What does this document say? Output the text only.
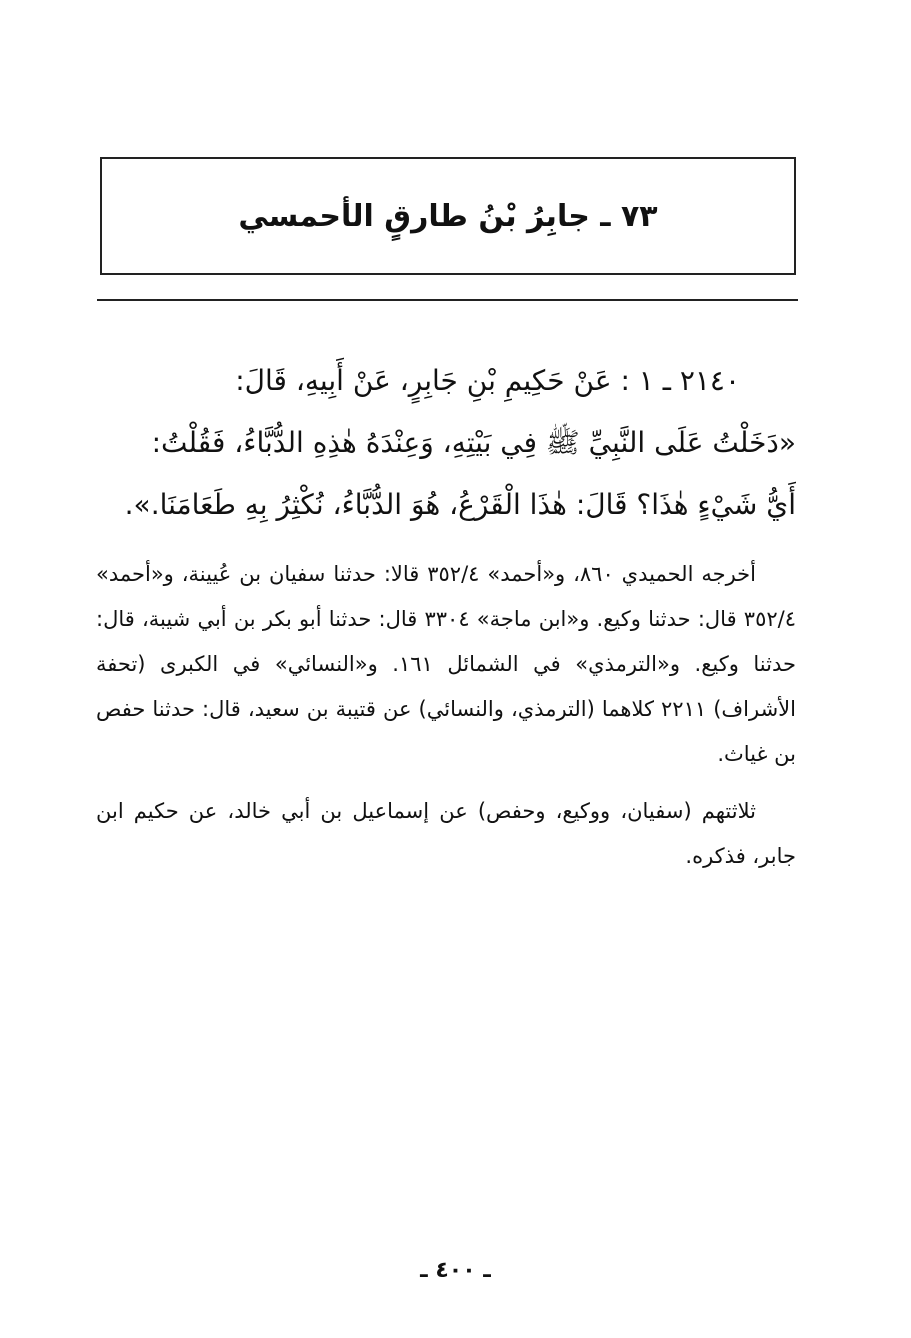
٧٣ ـ جابِرُ بْنُ طارقٍ الأحمسي
٢١٤٠ ـ ١ : عَنْ حَكِيمِ بْنِ جَابِرٍ، عَنْ أَبِيهِ، قَالَ:
«دَخَلْتُ عَلَى النَّبِيِّ ﷺ فِي بَيْتِهِ، وَعِنْدَهُ هٰذِهِ الدُّبَّاءُ، فَقُلْتُ:
أَيُّ شَيْءٍ هٰذَا؟ قَالَ: هٰذَا الْقَرْعُ، هُوَ الدُّبَّاءُ، نُكْثِرُ بِهِ طَعَامَنَا.».

أخرجه الحميدي ٨٦٠، و«أحمد» ٣٥٢/٤ قالا: حدثنا سفيان بن عُيينة، و«أحمد» ٣٥٢/٤ قال: حدثنا وكيع. و«ابن ماجة» ٣٣٠٤ قال: حدثنا أبو بكر بن أبي شيبة، قال: حدثنا وكيع. و«الترمذي» في الشمائل ١٦١. و«النسائي» في الكبرى (تحفة الأشراف) ٢٢١١ كلاهما (الترمذي، والنسائي) عن قتيبة بن سعيد، قال: حدثنا حفص بن غياث.

ثلاثتهم (سفيان، ووكيع، وحفص) عن إسماعيل بن أبي خالد، عن حكيم ابن جابر، فذكره.

ـ ٤٠٠ ـ
